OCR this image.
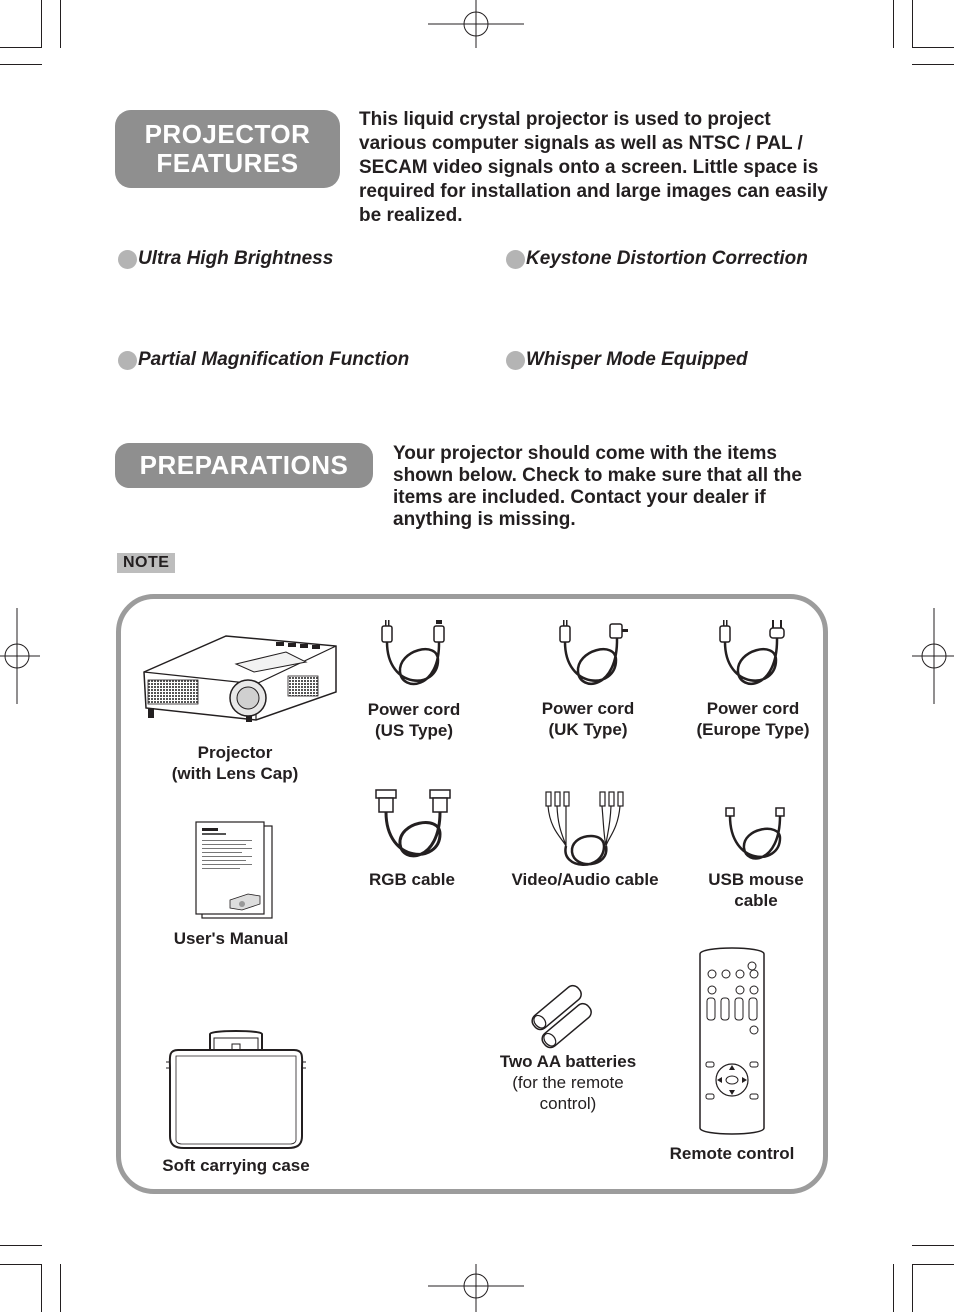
PROJECTOR
FEATURES
This liquid crystal projector is used to project various computer signals as well as NTSC / PAL / SECAM video signals onto a screen. Little space is required for installation and large images can easily be realized.
Ultra High Brightness	Keystone Distortion Correction
Partial Magnification Function	Whisper Mode Equipped
PREPARATIONS	Your projector should come with the items shown below. Check to make sure that all the items are included. Contact your dealer if anything is missing.
NOTE
Projector
(with Lens Cap)
Power cord
(US Type)
Power cord
(UK Type)
Power cord
(Europe Type)
RGB cable	Video/Audio cable	USB mouse
cable
User's Manual
Remote control
Two AA batteries
(for the remote
control)
Soft carrying case
